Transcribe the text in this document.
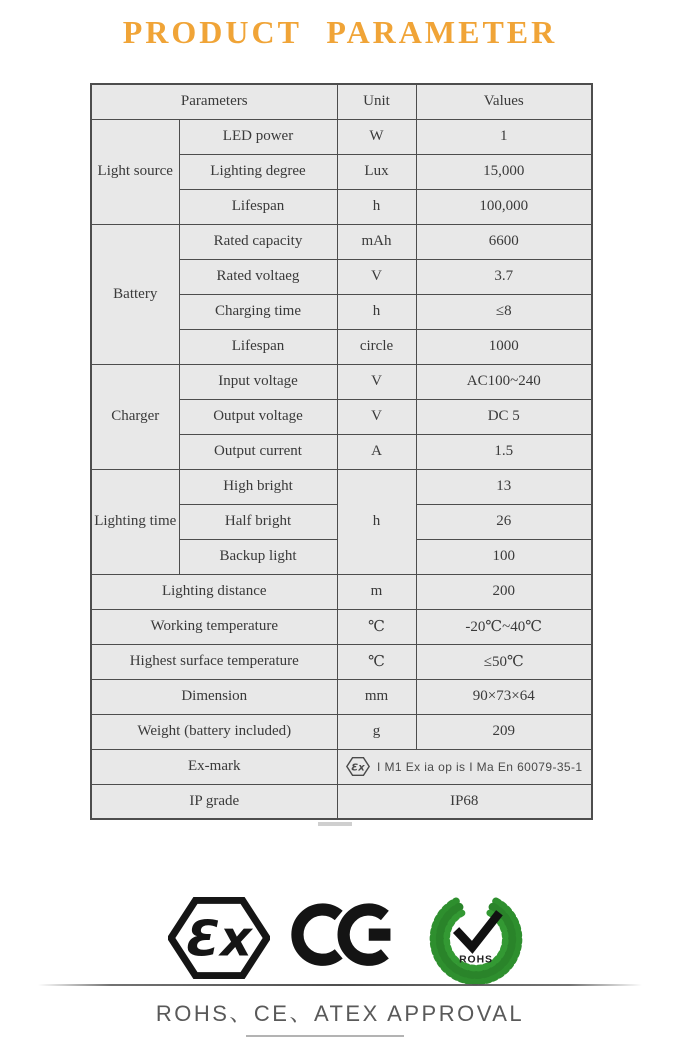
PRODUCT PARAMETER
Parameters		Unit	Values
Light source	LED power	W	1
	Lighting degree	Lux	15,000
	Lifespan	h	100,000
Battery	Rated capacity	mAh	6600
	Rated voltaeg	V	3.7
	Charging time	h	≤8
	Lifespan	circle	1000
Charger	Input voltage	V	AC100~240
	Output voltage	V	DC 5
	Output current	A	1.5
Lighting time	High bright	h	13
	Half bright		26
	Backup light		100
Lighting distance		m	200
Working temperature		℃	-20℃~40℃
Highest surface temperature		℃	≤50℃
Dimension		mm	90×73×64
Weight (battery included)		g	209
Ex-mark		Ɛx I M1 Ex ia op is I Ma En 60079-35-1	

IP grade		IP68	
Ɛx	ROHS
ROHS、CE、ATEX APPROVAL
